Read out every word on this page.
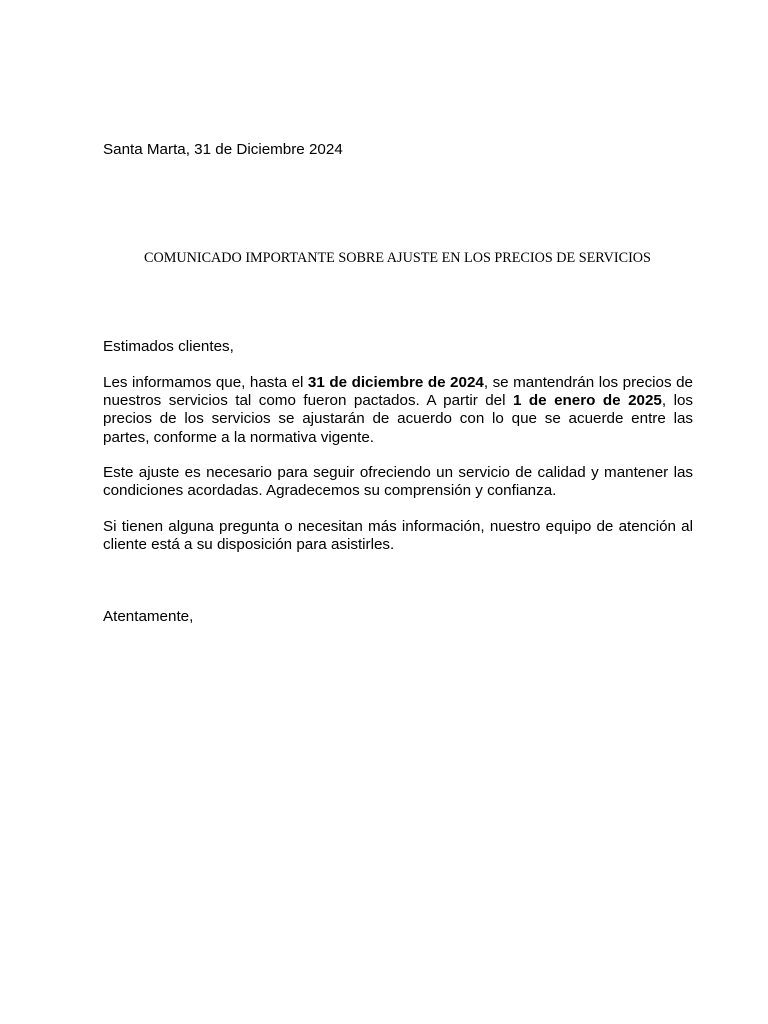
Santa Marta, 31 de Diciembre 2024
COMUNICADO IMPORTANTE SOBRE AJUSTE EN LOS PRECIOS DE SERVICIOS
Estimados clientes,

Les informamos que, hasta el 31 de diciembre de 2024, se mantendrán los precios de nuestros servicios tal como fueron pactados. A partir del 1 de enero de 2025, los precios de los servicios se ajustarán de acuerdo con lo que se acuerde entre las partes, conforme a la normativa vigente.

Este ajuste es necesario para seguir ofreciendo un servicio de calidad y mantener las condiciones acordadas. Agradecemos su comprensión y confianza.

Si tienen alguna pregunta o necesitan más información, nuestro equipo de atención al cliente está a su disposición para asistirles.

Atentamente,
